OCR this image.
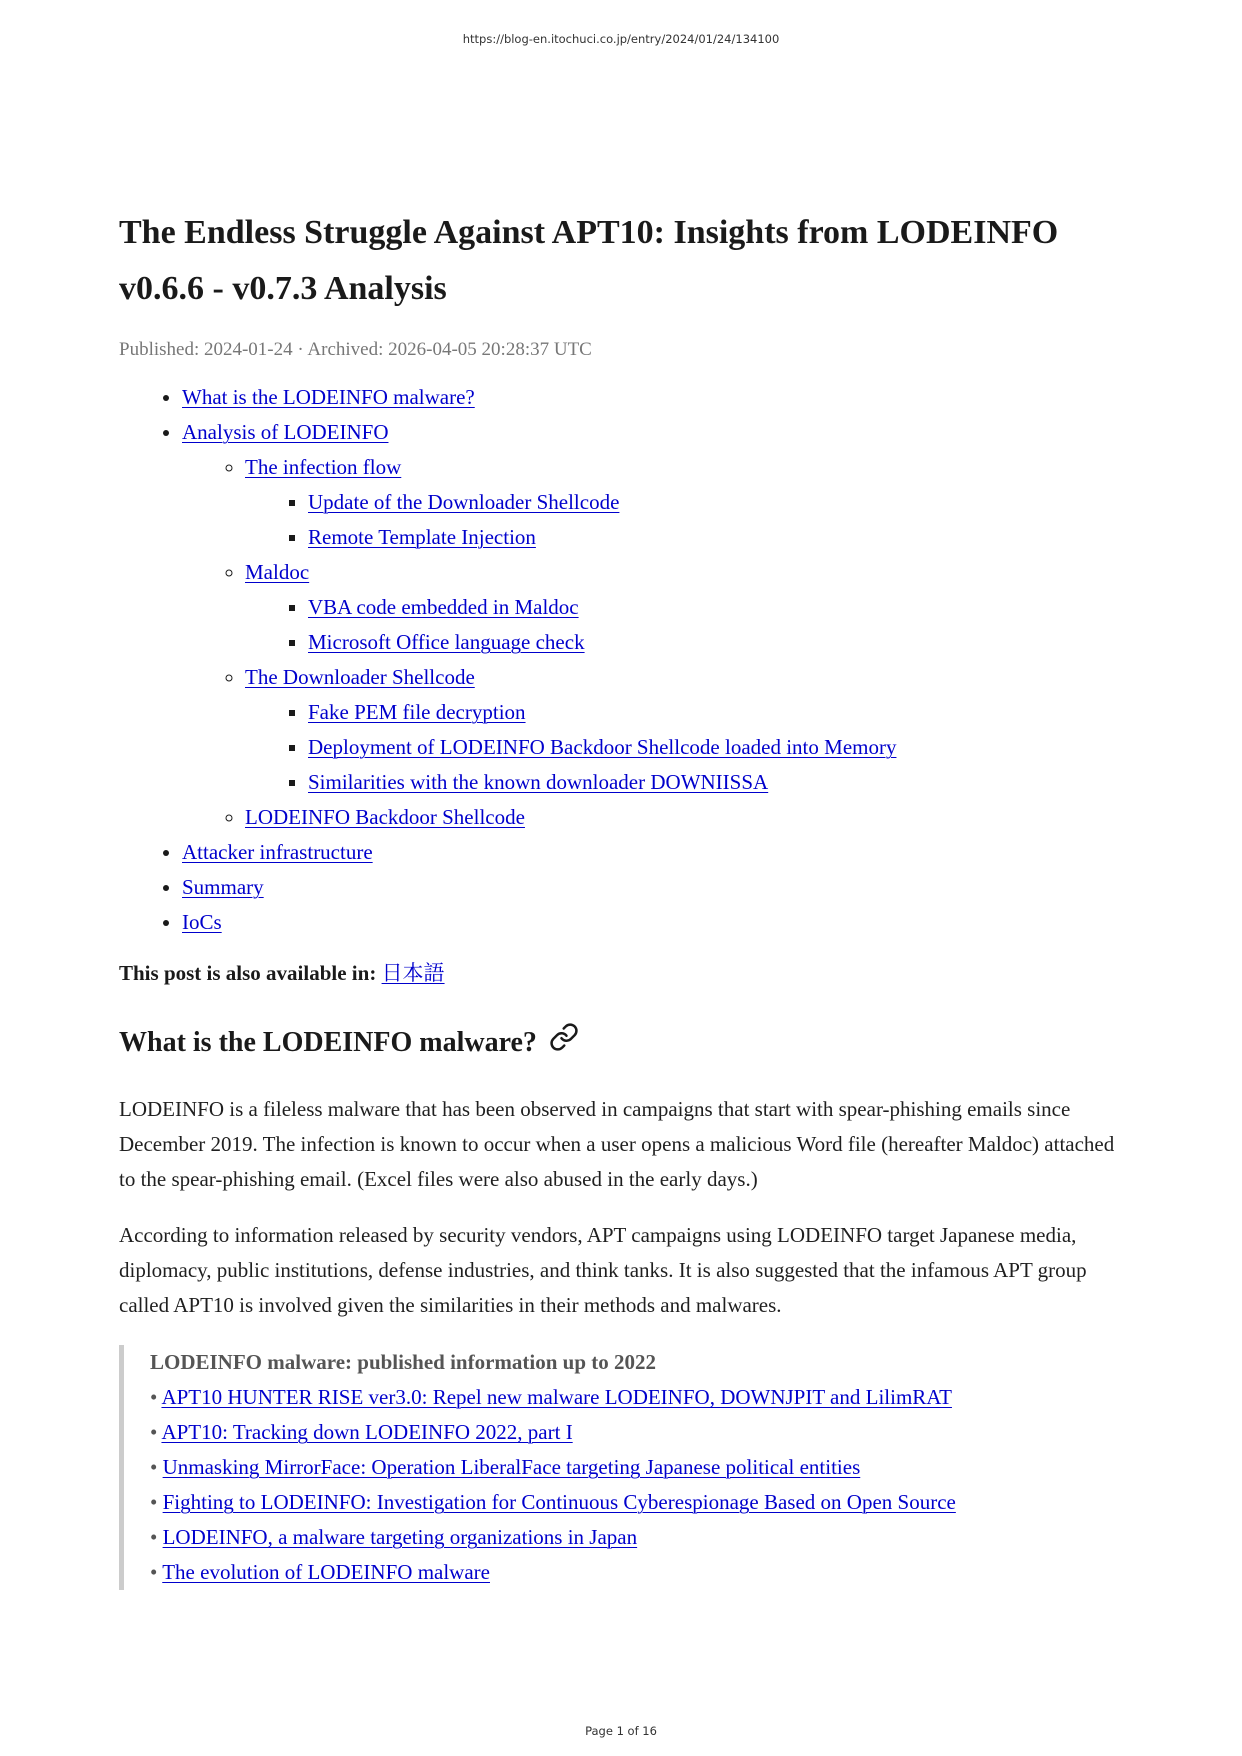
https://blog-en.itochuci.co.jp/entry/2024/01/24/134100
The Endless Struggle Against APT10: Insights from LODEINFO
v0.6.6 - v0.7.3 Analysis
Published: 2024-01-24 · Archived: 2026-04-05 20:28:37 UTC
• What is the LODEINFO malware?
• Analysis of LODEINFO
◦ The infection flow
▪ Update of the Downloader Shellcode
▪ Remote Template Injection
◦ Maldoc
▪ VBA code embedded in Maldoc
▪ Microsoft Office language check
◦ The Downloader Shellcode
▪ Fake PEM file decryption
▪ Deployment of LODEINFO Backdoor Shellcode loaded into Memory
▪ Similarities with the known downloader DOWNIISSA
◦ LODEINFO Backdoor Shellcode
• Attacker infrastructure
• Summary
• IoCs
This post is also available in: 日本語
What is the LODEINFO malware?

LODEINFO is a fileless malware that has been observed in campaigns that start with spear-phishing emails since December 2019. The infection is known to occur when a user opens a malicious Word file (hereafter Maldoc) attached to the spear-phishing email. (Excel files were also abused in the early days.)

According to information released by security vendors, APT campaigns using LODEINFO target Japanese media, diplomacy, public institutions, defense industries, and think tanks. It is also suggested that the infamous APT group called APT10 is involved given the similarities in their methods and malwares.

LODEINFO malware: published information up to 2022
• APT10 HUNTER RISE ver3.0: Repel new malware LODEINFO, DOWNJPIT and LilimRAT
• APT10: Tracking down LODEINFO 2022, part I
• Unmasking MirrorFace: Operation LiberalFace targeting Japanese political entities
• Fighting to LODEINFO: Investigation for Continuous Cyberespionage Based on Open Source
• LODEINFO, a malware targeting organizations in Japan
• The evolution of LODEINFO malware
Page 1 of 16
